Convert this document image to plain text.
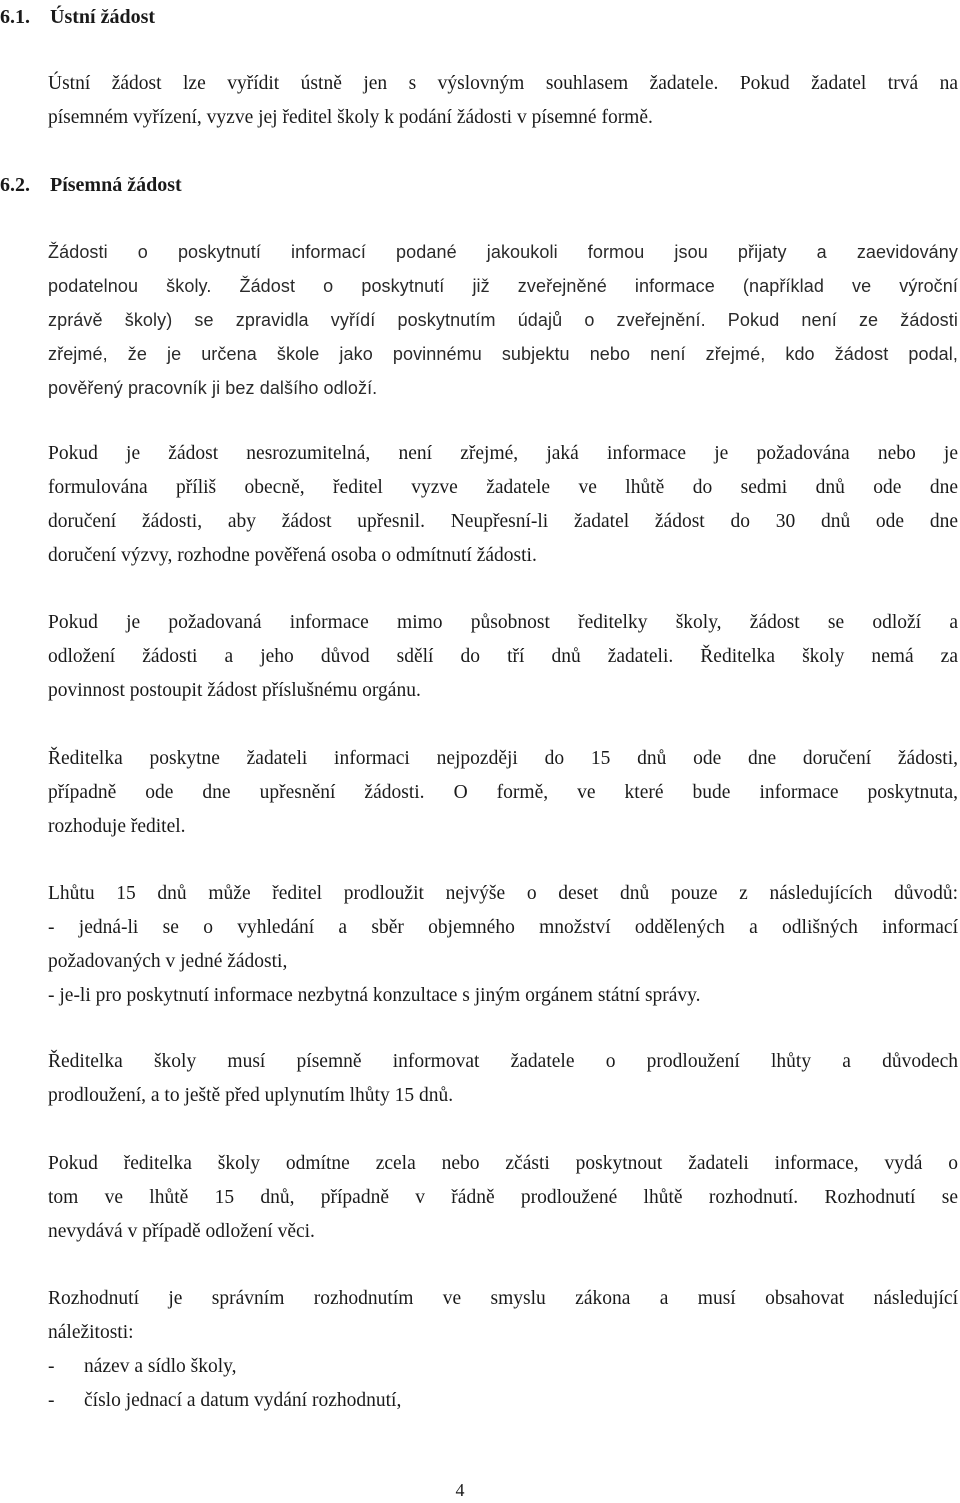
6.1. Ústní žádost
Ústní žádost lze vyřídit ústně jen s výslovným souhlasem žadatele. Pokud žadatel trvá na
písemném vyřízení, vyzve jej ředitel školy k podání žádosti v písemné formě.
6.2. Písemná žádost
Žádosti o poskytnutí informací podané jakoukoli formou jsou přijaty a zaevidovány
podatelnou školy. Žádost o poskytnutí již zveřejněné informace (například ve výroční
zprávě školy) se zpravidla vyřídí poskytnutím údajů o zveřejnění. Pokud není ze žádosti
zřejmé, že je určena škole jako povinnému subjektu nebo není zřejmé, kdo žádost podal,
pověřený pracovník ji bez dalšího odloží.
Pokud je žádost nesrozumitelná, není zřejmé, jaká informace je požadována nebo je
formulována příliš obecně, ředitel vyzve žadatele ve lhůtě do sedmi dnů ode dne
doručení žádosti, aby žádost upřesnil. Neupřesní-li žadatel žádost do 30 dnů ode dne
doručení výzvy, rozhodne pověřená osoba o odmítnutí žádosti.
Pokud je požadovaná informace mimo působnost ředitelky školy, žádost se odloží a
odložení žádosti a jeho důvod sdělí do tří dnů žadateli. Ředitelka školy nemá za
povinnost postoupit žádost příslušnému orgánu.
Ředitelka poskytne žadateli informaci nejpozději do 15 dnů ode dne doručení žádosti,
případně ode dne upřesnění žádosti. O formě, ve které bude informace poskytnuta,
rozhoduje ředitel.
Lhůtu 15 dnů může ředitel prodloužit nejvýše o deset dnů pouze z následujících důvodů:
- jedná-li se o vyhledání a sběr objemného množství oddělených a odlišných informací
požadovaných v jedné žádosti,
- je-li pro poskytnutí informace nezbytná konzultace s jiným orgánem státní správy.
Ředitelka školy musí písemně informovat žadatele o prodloužení lhůty a důvodech
prodloužení, a to ještě před uplynutím lhůty 15 dnů.
Pokud ředitelka školy odmítne zcela nebo zčásti poskytnout žadateli informace, vydá o
tom ve lhůtě 15 dnů, případně v řádně prodloužené lhůtě rozhodnutí. Rozhodnutí se
nevydává v případě odložení věci.
Rozhodnutí je správním rozhodnutím ve smyslu zákona a musí obsahovat následující
náležitosti:
- název a sídlo školy,
- číslo jednací a datum vydání rozhodnutí,
4
